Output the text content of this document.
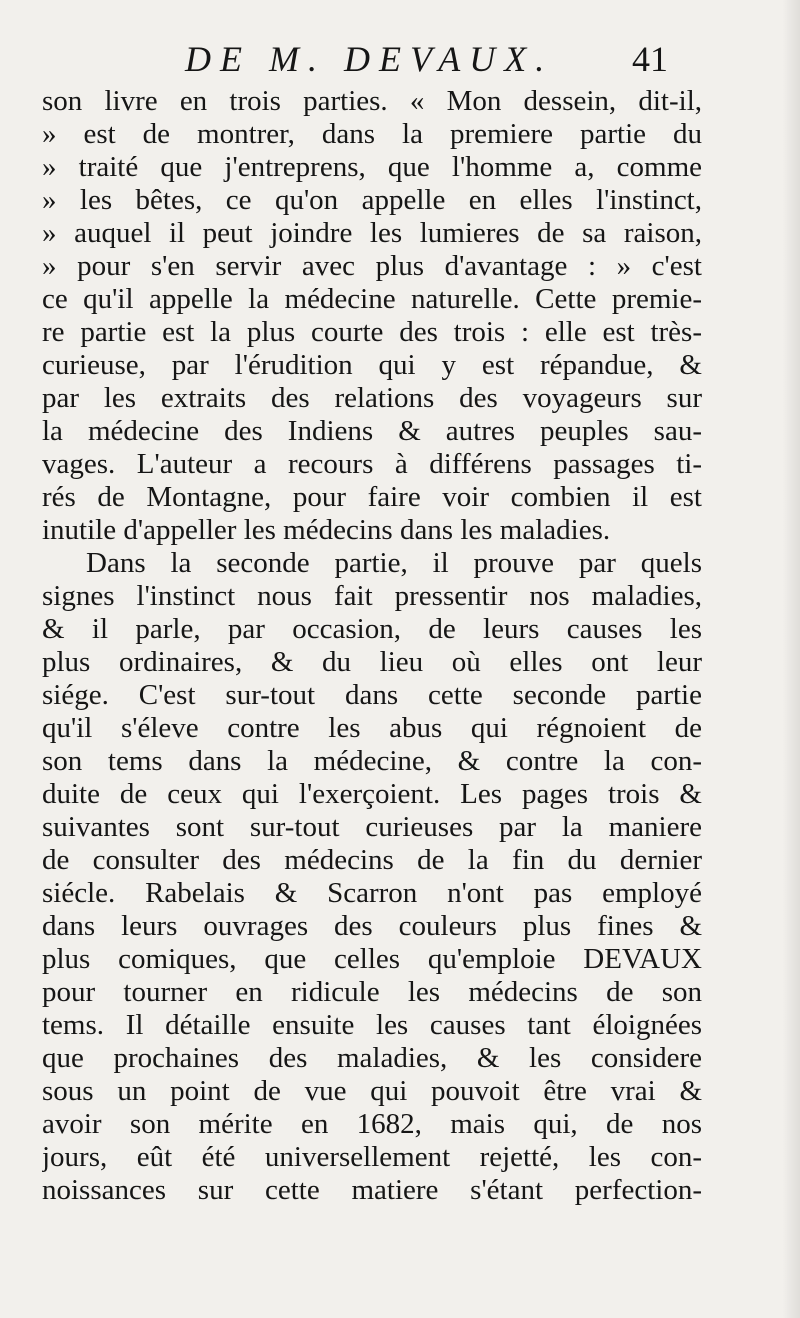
DE M. DEVAUX. 41
son livre en trois parties. « Mon dessein, dit-il,
» est de montrer, dans la premiere partie du
» traité que j'entreprens, que l'homme a, comme
» les bêtes, ce qu'on appelle en elles l'instinct,
» auquel il peut joindre les lumieres de sa raison,
» pour s'en servir avec plus d'avantage : » c'est
ce qu'il appelle la médecine naturelle. Cette premie-
re partie est la plus courte des trois : elle est très-
curieuse, par l'érudition qui y est répandue, &
par les extraits des relations des voyageurs sur
la médecine des Indiens & autres peuples sau-
vages. L'auteur a recours à différens passages ti-
rés de Montagne, pour faire voir combien il est
inutile d'appeller les médecins dans les maladies.
Dans la seconde partie, il prouve par quels
signes l'instinct nous fait pressentir nos maladies,
& il parle, par occasion, de leurs causes les
plus ordinaires, & du lieu où elles ont leur
siége. C'est sur-tout dans cette seconde partie
qu'il s'éleve contre les abus qui régnoient de
son tems dans la médecine, & contre la con-
duite de ceux qui l'exerçoient. Les pages trois &
suivantes sont sur-tout curieuses par la maniere
de consulter des médecins de la fin du dernier
siécle. Rabelais & Scarron n'ont pas employé
dans leurs ouvrages des couleurs plus fines &
plus comiques, que celles qu'emploie DEVAUX
pour tourner en ridicule les médecins de son
tems. Il détaille ensuite les causes tant éloignées
que prochaines des maladies, & les considere
sous un point de vue qui pouvoit être vrai &
avoir son mérite en 1682, mais qui, de nos
jours, eût été universellement rejetté, les con-
noissances sur cette matiere s'étant perfection-
